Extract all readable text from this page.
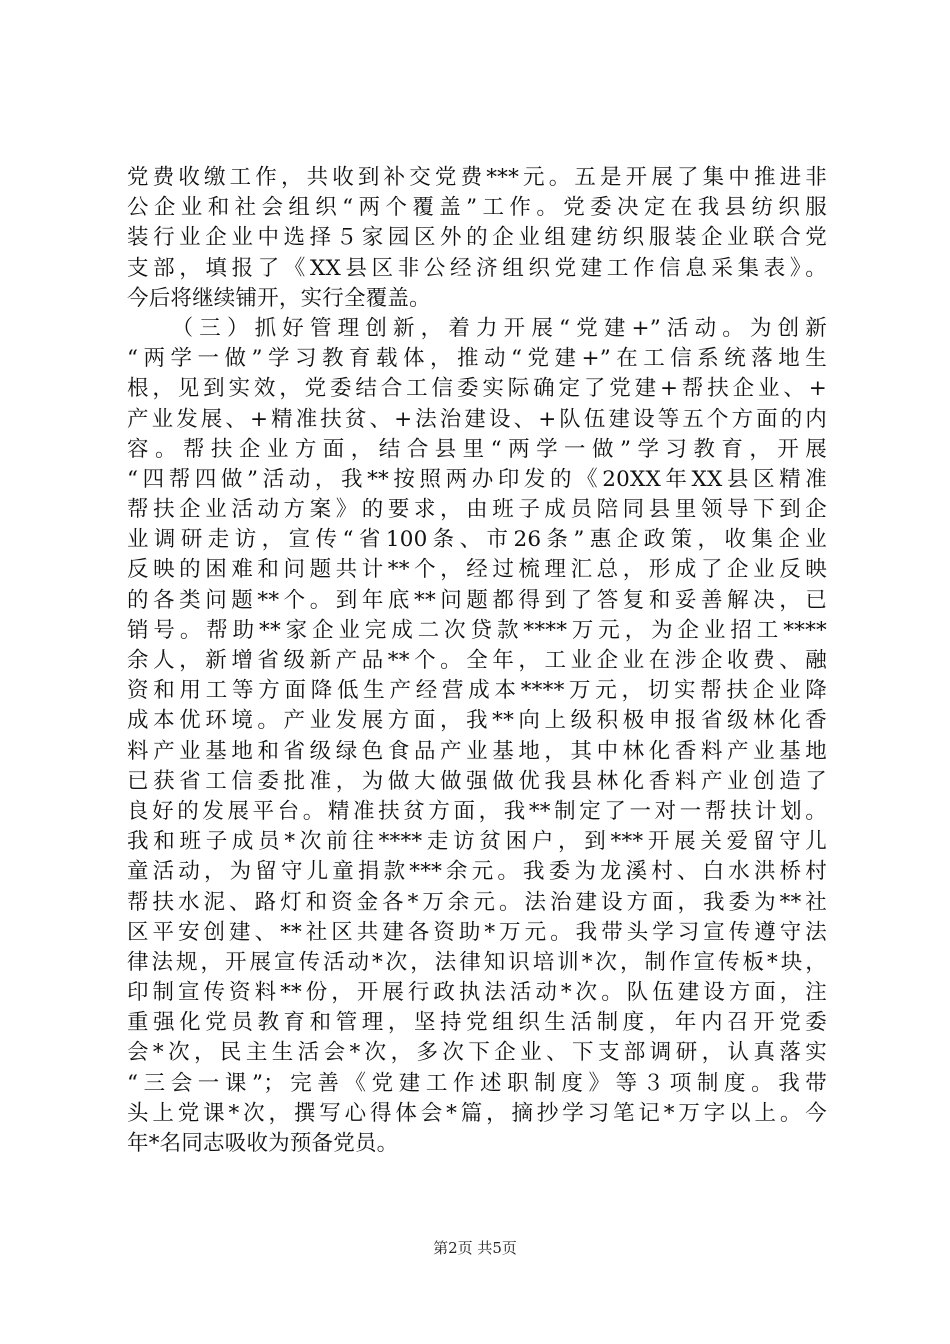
党费收缴工作，共收到补交党费***元。五是开展了集中推进非
公企业和社会组织“两个覆盖”工作。党委决定在我县纺织服
装行业企业中选择５家园区外的企业组建纺织服装企业联合党
支部，填报了《XX县区非公经济组织党建工作信息采集表》。
今后将继续铺开，实行全覆盖。
　　（三）抓好管理创新，着力开展“党建+”活动。为创新
“两学一做”学习教育载体，推动“党建+”在工信系统落地生
根，见到实效，党委结合工信委实际确定了党建+帮扶企业、+
产业发展、+精准扶贫、+法治建设、+队伍建设等五个方面的内
容。帮扶企业方面，结合县里“两学一做”学习教育，开展
“四帮四做”活动，我**按照两办印发的《20XX年XX县区精准
帮扶企业活动方案》的要求，由班子成员陪同县里领导下到企
业调研走访，宣传“省100条、市26条”惠企政策，收集企业
反映的困难和问题共计**个，经过梳理汇总，形成了企业反映
的各类问题**个。到年底**问题都得到了答复和妥善解决，已
销号。帮助**家企业完成二次贷款****万元，为企业招工****
余人，新增省级新产品**个。全年，工业企业在涉企收费、融
资和用工等方面降低生产经营成本****万元，切实帮扶企业降
成本优环境。产业发展方面，我**向上级积极申报省级林化香
料产业基地和省级绿色食品产业基地，其中林化香料产业基地
已获省工信委批准，为做大做强做优我县林化香料产业创造了
良好的发展平台。精准扶贫方面，我**制定了一对一帮扶计划。
我和班子成员*次前往****走访贫困户，到***开展关爱留守儿
童活动，为留守儿童捐款***余元。我委为龙溪村、白水洪桥村
帮扶水泥、路灯和资金各*万余元。法治建设方面，我委为**社
区平安创建、**社区共建各资助*万元。我带头学习宣传遵守法
律法规，开展宣传活动*次，法律知识培训*次，制作宣传板*块，
印制宣传资料**份，开展行政执法活动*次。队伍建设方面，注
重强化党员教育和管理，坚持党组织生活制度，年内召开党委
会*次，民主生活会*次，多次下企业、下支部调研，认真落实
“三会一课”；完善《党建工作述职制度》等３项制度。我带
头上党课*次，撰写心得体会*篇，摘抄学习笔记*万字以上。今
年*名同志吸收为预备党员。
第2页 共5页
